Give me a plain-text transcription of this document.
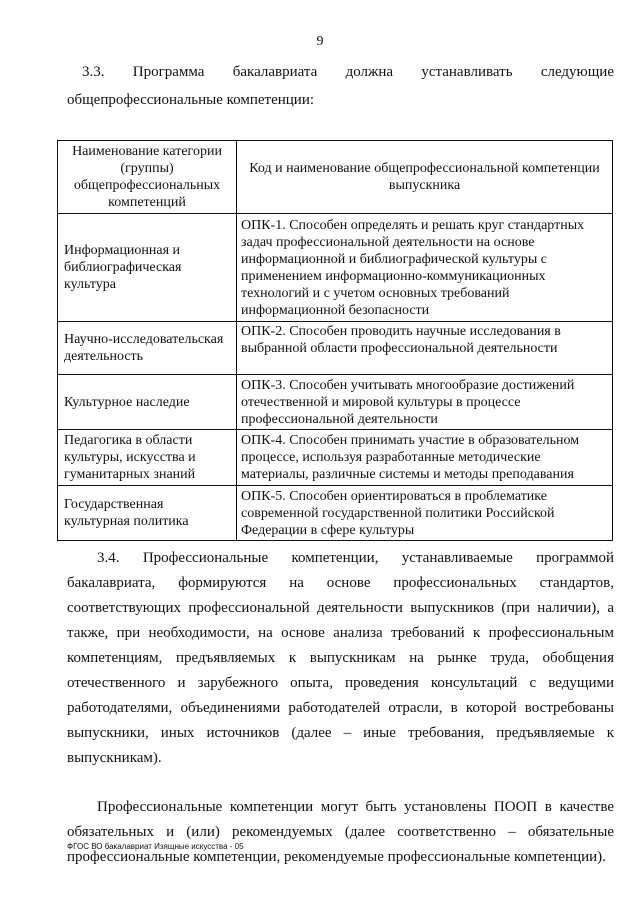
9
3.3. Программа бакалавриата должна устанавливать следующие
общепрофессиональные компетенции:
Наименование категории (группы) общепрофессиональных компетенций	Код и наименование общепрофессиональной компетенции выпускника
Информационная и библиографическая культура	ОПК-1. Способен определять и решать круг стандартных задач профессиональной деятельности на основе информационной и библиографической культуры с применением информационно-коммуникационных технологий и с учетом основных требований информационной безопасности
Научно-исследовательская деятельность	ОПК-2. Способен проводить научные исследования в выбранной области профессиональной деятельности
Культурное наследие	ОПК-3. Способен учитывать многообразие достижений отечественной и мировой культуры в процессе профессиональной деятельности
Педагогика в области культуры, искусства и гуманитарных знаний	ОПК-4. Способен принимать участие в образовательном процессе, используя разработанные методические материалы, различные системы и методы преподавания
Государственная культурная политика	ОПК-5. Способен ориентироваться в проблематике современной государственной политики Российской Федерации в сфере культуры

3.4. Профессиональные компетенции, устанавливаемые программой бакалавриата, формируются на основе профессиональных стандартов, соответствующих профессиональной деятельности выпускников (при наличии), а также, при необходимости, на основе анализа требований к профессиональным компетенциям, предъявляемых к выпускникам на рынке труда, обобщения отечественного и зарубежного опыта, проведения консультаций с ведущими работодателями, объединениями работодателей отрасли, в которой востребованы выпускники, иных источников (далее – иные требования, предъявляемые к выпускникам).

Профессиональные компетенции могут быть установлены ПООП в качестве обязательных и (или) рекомендуемых (далее соответственно – обязательные профессиональные компетенции, рекомендуемые профессиональные компетенции).

ФГОС ВО бакалавриат Изящные искусства - 05
